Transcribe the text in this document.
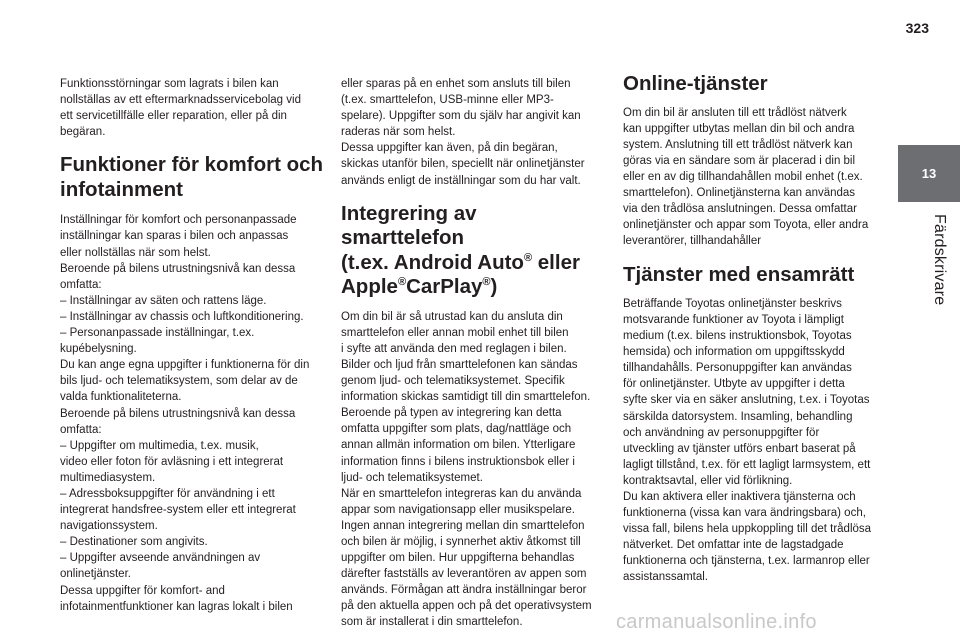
323
13
Färdskrivare

Funktionsstörningar som lagrats i bilen kan
nollställas av ett eftermarknadsservicebolag vid
ett servicetillfälle eller reparation, eller på din
begäran.

Funktioner för komfort och infotainment

Inställningar för komfort och personanpassade
inställningar kan sparas i bilen och anpassas
eller nollställas när som helst.
Beroende på bilens utrustningsnivå kan dessa
omfatta:
– Inställningar av säten och rattens läge.
– Inställningar av chassis och luftkonditionering.
– Personanpassade inställningar, t.ex.
kupébelysning.
Du kan ange egna uppgifter i funktionerna för din
bils ljud- och telematiksystem, som delar av de
valda funktionaliteterna.
Beroende på bilens utrustningsnivå kan dessa
omfatta:
– Uppgifter om multimedia, t.ex. musik,
video eller foton för avläsning i ett integrerat
multimediasystem.
– Adressboksuppgifter för användning i ett
integrerat handsfree-system eller ett integrerat
navigationssystem.
– Destinationer som angivits.
– Uppgifter avseende användningen av
onlinetjänster.
Dessa uppgifter för komfort- and
infotainmentfunktioner kan lagras lokalt i bilen

eller sparas på en enhet som ansluts till bilen
(t.ex. smarttelefon, USB-minne eller MP3-
spelare). Uppgifter som du själv har angivit kan
raderas när som helst.
Dessa uppgifter kan även, på din begäran,
skickas utanför bilen, speciellt när onlinetjänster
används enligt de inställningar som du har valt.

Integrering av smarttelefon
(t.ex. Android Auto® eller
Apple®CarPlay®)

Om din bil är så utrustad kan du ansluta din
smarttelefon eller annan mobil enhet till bilen
i syfte att använda den med reglagen i bilen.
Bilder och ljud från smarttelefonen kan sändas
genom ljud- och telematiksystemet. Specifik
information skickas samtidigt till din smarttelefon.
Beroende på typen av integrering kan detta
omfatta uppgifter som plats, dag/nattläge och
annan allmän information om bilen. Ytterligare
information finns i bilens instruktionsbok eller i
ljud- och telematiksystemet.
När en smarttelefon integreras kan du använda
appar som navigationsapp eller musikspelare.
Ingen annan integrering mellan din smarttelefon
och bilen är möjlig, i synnerhet aktiv åtkomst till
uppgifter om bilen. Hur uppgifterna behandlas
därefter fastställs av leverantören av appen som
används. Förmågan att ändra inställningar beror
på den aktuella appen och på det operativsystem
som är installerat i din smarttelefon.

Online-tjänster

Om din bil är ansluten till ett trådlöst nätverk
kan uppgifter utbytas mellan din bil och andra
system. Anslutning till ett trådlöst nätverk kan
göras via en sändare som är placerad i din bil
eller en av dig tillhandahållen mobil enhet (t.ex.
smarttelefon). Onlinetjänsterna kan användas
via den trådlösa anslutningen. Dessa omfattar
onlinetjänster och appar som Toyota, eller andra
leverantörer, tillhandahåller

Tjänster med ensamrätt

Beträffande Toyotas onlinetjänster beskrivs
motsvarande funktioner av Toyota i lämpligt
medium (t.ex. bilens instruktionsbok, Toyotas
hemsida) och information om uppgiftsskydd
tillhandahålls. Personuppgifter kan användas
för onlinetjänster. Utbyte av uppgifter i detta
syfte sker via en säker anslutning, t.ex. i Toyotas
särskilda datorsystem. Insamling, behandling
och användning av personuppgifter för
utveckling av tjänster utförs enbart baserat på
lagligt tillstånd, t.ex. för ett lagligt larmsystem, ett
kontraktsavtal, eller vid förlikning.
Du kan aktivera eller inaktivera tjänsterna och
funktionerna (vissa kan vara ändringsbara) och,
vissa fall, bilens hela uppkoppling till det trådlösa
nätverket. Det omfattar inte de lagstadgade
funktionerna och tjänsterna, t.ex. larmanrop eller
assistanssamtal.

carmanualsonline.info
